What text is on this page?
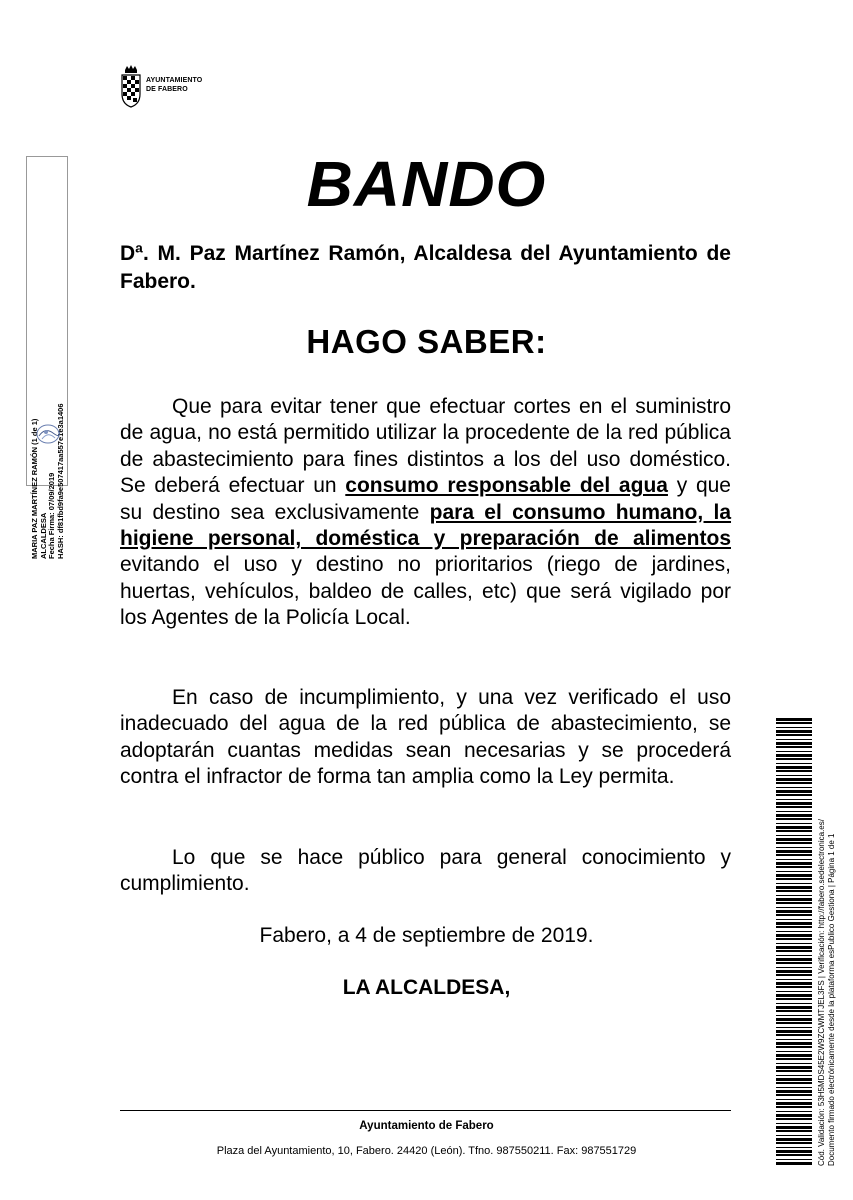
AYUNTAMIENTO
DE FABERO
MARIA PAZ MARTÍNEZ RAMÓN (1 de 1) ALCALDESA Fecha Firma: 07/09/2019 HASH: df81fbd9fa9e507417aa557e1e3a1406
BANDO
Dª. M. Paz Martínez Ramón, Alcaldesa del Ayuntamiento de Fabero.
HAGO SABER:
Que para evitar tener que efectuar cortes en el suministro de agua, no está permitido utilizar la procedente de la red pública de abastecimiento para fines distintos a los del uso doméstico. Se deberá efectuar un consumo responsable del agua y que su destino sea exclusivamente para el consumo humano, la higiene personal, doméstica y preparación de alimentos evitando el uso y destino no prioritarios (riego de jardines, huertas, vehículos, baldeo de calles, etc) que será vigilado por los Agentes de la Policía Local.
En caso de incumplimiento, y una vez verificado el uso inadecuado del agua de la red pública de abastecimiento, se adoptarán cuantas medidas sean necesarias y se procederá contra el infractor de forma tan amplia como la Ley permita.
Lo que se hace público para general conocimiento y cumplimiento.
Fabero, a 4 de septiembre de 2019.
LA ALCALDESA,
Ayuntamiento de Fabero
Plaza del Ayuntamiento, 10, Fabero. 24420 (León). Tfno. 987550211. Fax: 987551729	Cód. Validación: 53H5MDS45E2W9ZCWMTJEL3FS | Verificación: http://fabero.sedelectronica.es/ Documento firmado electrónicamente desde la plataforma esPublico Gestiona | Página 1 de 1
